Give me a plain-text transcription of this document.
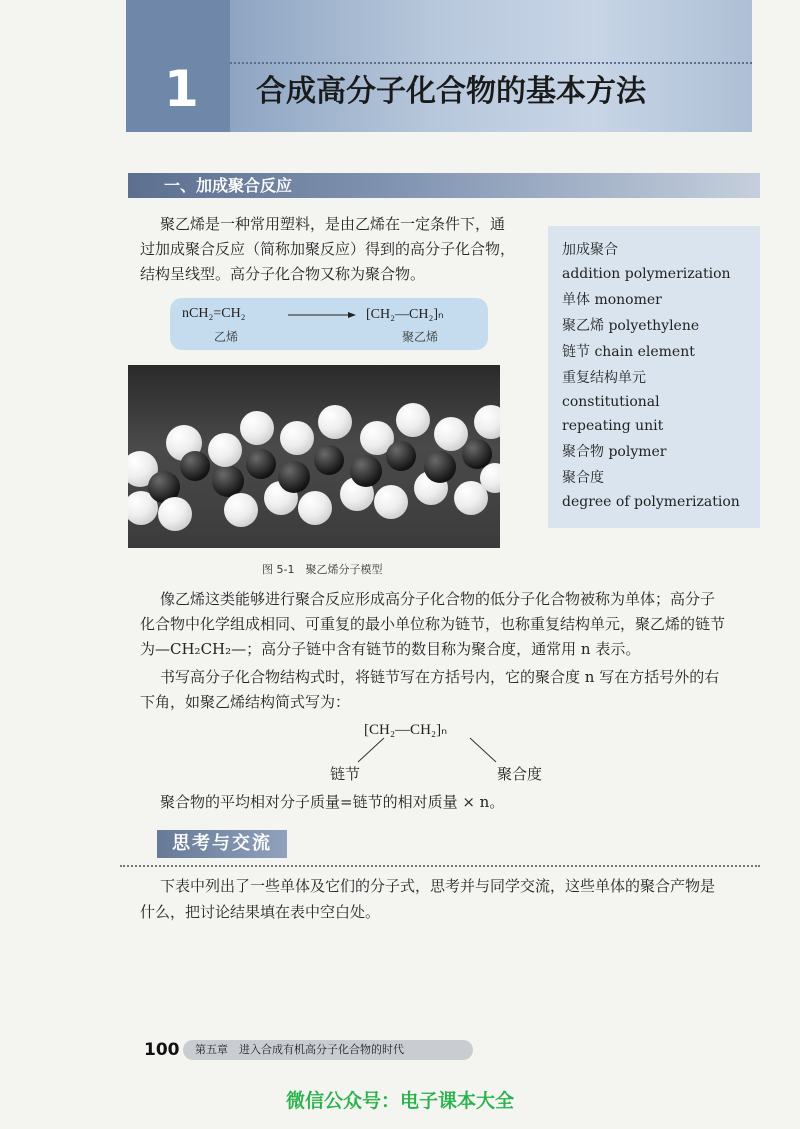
1 合成高分子化合物的基本方法
一、加成聚合反应
聚乙烯是一种常用塑料，是由乙烯在一定条件下，通
过加成聚合反应（简称加聚反应）得到的高分子化合物，
结构呈线型。高分子化合物又称为聚合物。
nCH₂=CH₂
乙烯
[CH₂—CH₂]ₙ
聚乙烯
图 5-1　聚乙烯分子模型
加成聚合
addition polymerization
单体 monomer
聚乙烯 polyethylene
链节 chain element
重复结构单元
constitutional
repeating unit
聚合物 polymer
聚合度
degree of polymerization
像乙烯这类能够进行聚合反应形成高分子化合物的低分子化合物被称为单体；高分子
化合物中化学组成相同、可重复的最小单位称为链节，也称重复结构单元，聚乙烯的链节
为—CH₂CH₂—；高分子链中含有链节的数目称为聚合度，通常用 n 表示。
书写高分子化合物结构式时，将链节写在方括号内，它的聚合度 n 写在方括号外的右
下角，如聚乙烯结构简式写为：
[CH₂—CH₂]ₙ
链节	聚合度
聚合物的平均相对分子质量=链节的相对质量 × n。
思考与交流
下表中列出了一些单体及它们的分子式，思考并与同学交流，这些单体的聚合产物是
什么，把讨论结果填在表中空白处。
100 第五章　进入合成有机高分子化合物的时代
微信公众号：电子课本大全
